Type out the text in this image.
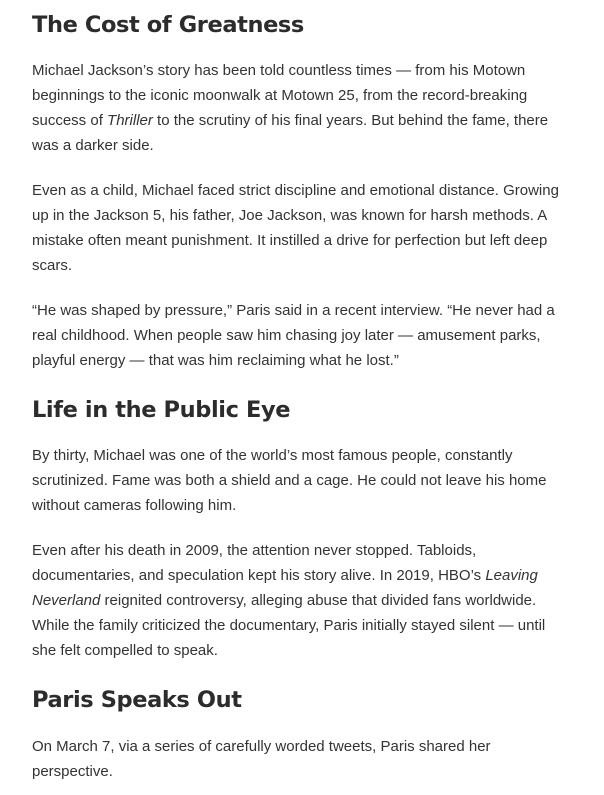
The Cost of Greatness

Michael Jackson’s story has been told countless times — from his Motown beginnings to the iconic moonwalk at Motown 25, from the record-breaking success of Thriller to the scrutiny of his final years. But behind the fame, there was a darker side.

Even as a child, Michael faced strict discipline and emotional distance. Growing up in the Jackson 5, his father, Joe Jackson, was known for harsh methods. A mistake often meant punishment. It instilled a drive for perfection but left deep scars.

“He was shaped by pressure,” Paris said in a recent interview. “He never had a real childhood. When people saw him chasing joy later — amusement parks, playful energy — that was him reclaiming what he lost.”

Life in the Public Eye

By thirty, Michael was one of the world’s most famous people, constantly scrutinized. Fame was both a shield and a cage. He could not leave his home without cameras following him.

Even after his death in 2009, the attention never stopped. Tabloids, documentaries, and speculation kept his story alive. In 2019, HBO’s Leaving Neverland reignited controversy, alleging abuse that divided fans worldwide. While the family criticized the documentary, Paris initially stayed silent — until she felt compelled to speak.

Paris Speaks Out

On March 7, via a series of carefully worded tweets, Paris shared her perspective.
